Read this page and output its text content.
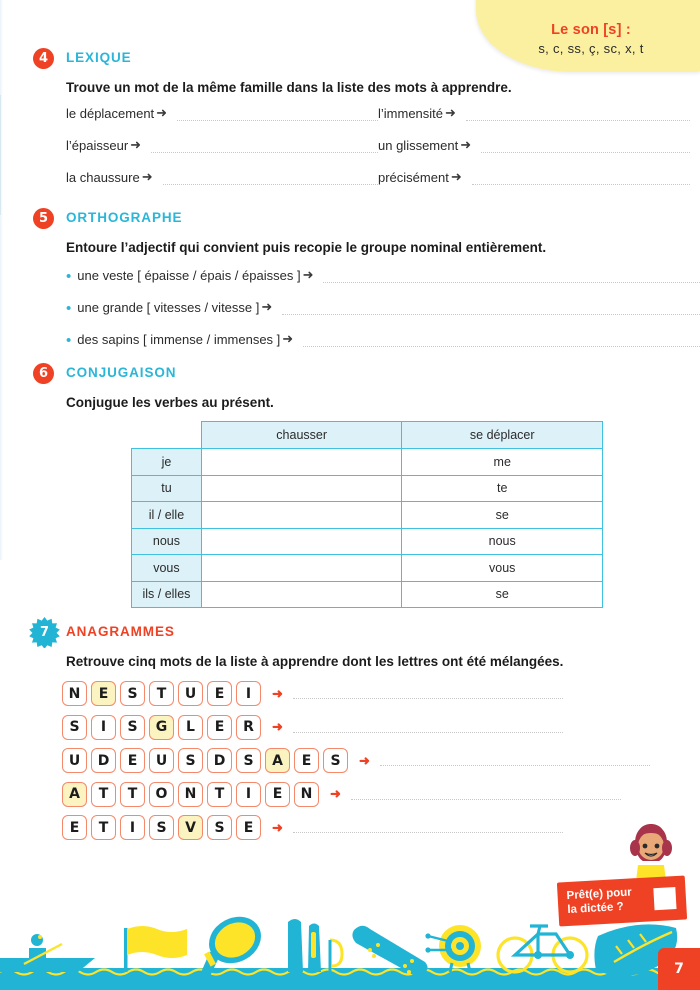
Le son [s] :
s, c, ss, ç, sc, x, t
4 LEXIQUE
Trouve un mot de la même famille dans la liste des mots à apprendre.
le déplacement ➜	l’immensité ➜
l’épaisseur ➜	un glissement ➜
la chaussure ➜	précisément ➜
5 ORTHOGRAPHE
Entoure l’adjectif qui convient puis recopie le groupe nominal entièrement.
• une veste [ épaisse / épais / épaisses ] ➜
• une grande [ vitesses / vitesse ] ➜
• des sapins [ immense / immenses ] ➜
6 CONJUGAISON
Conjugue les verbes au présent.
	chausser	se déplacer
je		me
tu		te
il / elle		se
nous		nous
vous		vous
ils / elles		se
7 ANAGRAMMES
Retrouve cinq mots de la liste à apprendre dont les lettres ont été mélangées.
N	E	S	T	U	E	I	➜
S	I	S	G	L	E	R	➜
U	D	E	U	S	D	S	A	E	S	➜
A	T	T	O	N	T	I	E	N	➜
E	T	I	S	V	S	E	➜
Prêt(e) pour
la dictée ?
7
